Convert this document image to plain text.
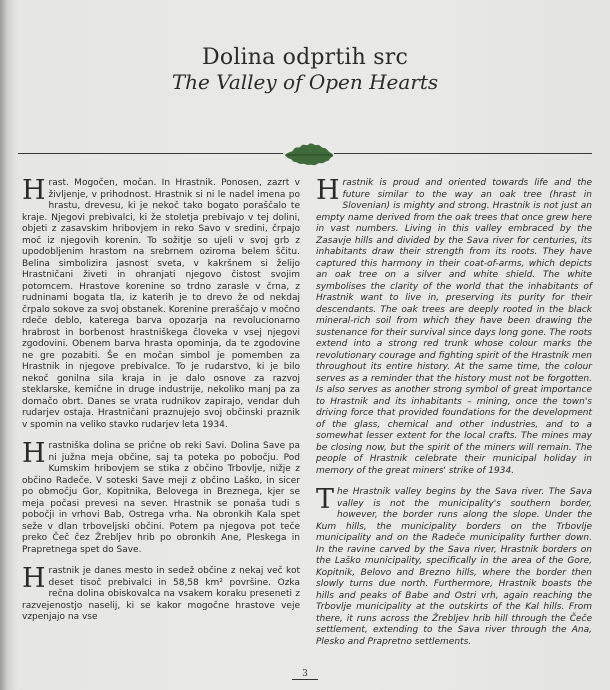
Dolina odprtih src
The Valley of Open Hearts

Hrast. Mogočen, močan. In Hrastnik. Ponosen, zazrt v življenje, v prihodnost. Hrastnik si ni le nadel imena po hrastu, drevesu, ki je nekoč tako bogato poraščalo te kraje. Njegovi prebivalci, ki že stoletja prebivajo v tej dolini, objeti z zasavskim hribovjem in reko Savo v sredini, črpajo moč iz njegovih korenin. To sožitje so ujeli v svoj grb z upodobljenim hrastom na srebrnem oziroma belem ščitu. Belina simbolizira jasnost sveta, v kakršnem si želijo Hrastničani živeti in ohranjati njegovo čistost svojim potomcem. Hrastove korenine so trdno zarasle v črna, z rudninami bogata tla, iz katerih je to drevo že od nekdaj črpalo sokove za svoj obstanek. Korenine preraščajo v močno rdeče deblo, katerega barva opozarja na revolucionarno hrabrost in borbenost hrastniškega človeka v vsej njegovi zgodovini. Obenem barva hrasta opominja, da te zgodovine ne gre pozabiti. Še en močan simbol je pomemben za Hrastnik in njegove prebivalce. To je rudarstvo, ki je bilo nekoč gonilna sila kraja in je dalo osnove za razvoj steklarske, kemične in druge industrije, nekoliko manj pa za domačo obrt. Danes se vrata rudnikov zapirajo, vendar duh rudarjev ostaja. Hrastničani praznujejo svoj občinski praznik v spomin na veliko stavko rudarjev leta 1934.

Hrastniška dolina se prične ob reki Savi. Dolina Save pa ni južna meja občine, saj ta poteka po pobočju. Pod Kumskim hribovjem se stika z občino Trbovlje, nižje z občino Radeče. V soteski Save meji z občino Laško, in sicer po območju Gor, Kopitnika, Belovega in Breznega, kjer se meja počasi prevesi na sever. Hrastnik se ponaša tudi s pobočji in vrhovi Bab, Ostrega vrha. Na obronkih Kala spet seže v dlan trboveljski občini. Potem pa njegova pot teče preko Čeč čez Žrebljev hrib po obronkih Ane, Pleskega in Prapretnega spet do Save.

Hrastnik je danes mesto in sedež občine z nekaj več kot deset tisoč prebivalci in 58,58 km² površine. Ozka rečna dolina obiskovalca na vsakem koraku preseneti z razvejenostjo naselij, ki se kakor mogočne hrastove veje vzpenjajo na vse

Hrastnik is proud and oriented towards life and the future similar to the way an oak tree (hrast in Slovenian) is mighty and strong. Hrastnik is not just an empty name derived from the oak trees that once grew here in vast numbers. Living in this valley embraced by the Zasavje hills and divided by the Sava river for centuries, its inhabitants draw their strength from its roots. They have captured this harmony in their coat-of-arms, which depicts an oak tree on a silver and white shield. The white symbolises the clarity of the world that the inhabitants of Hrastnik want to live in, preserving its purity for their descendants. The oak trees are deeply rooted in the black mineral-rich soil from which they have been drawing the sustenance for their survival since days long gone. The roots extend into a strong red trunk whose colour marks the revolutionary courage and fighting spirit of the Hrastnik men throughout its entire history. At the same time, the colour serves as a reminder that the history must not be forgotten. Is also serves as another strong symbol of great importance to Hrastnik and its inhabitants – mining, once the town's driving force that provided foundations for the development of the glass, chemical and other industries, and to a somewhat lesser extent for the local crafts. The mines may be closing now, but the spirit of the miners will remain. The people of Hrastnik celebrate their municipal holiday in memory of the great miners' strike of 1934.

The Hrastnik valley begins by the Sava river. The Sava valley is not the municipality's southern border, however, the border runs along the slope. Under the Kum hills, the municipality borders on the Trbovlje municipality and on the Radeče municipality further down. In the ravine carved by the Sava river, Hrastnik borders on the Laško municipality, specifically in the area of the Gore, Kopitnik, Belovo and Brezno hills, where the border then slowly turns due north. Furthermore, Hrastnik boasts the hills and peaks of Babe and Ostri vrh, again reaching the Trbovlje municipality at the outskirts of the Kal hills. From there, it runs across the Žrebljev hrib hill through the Čeče settlement, extending to the Sava river through the Ana, Plesko and Prapretno settlements.

3
